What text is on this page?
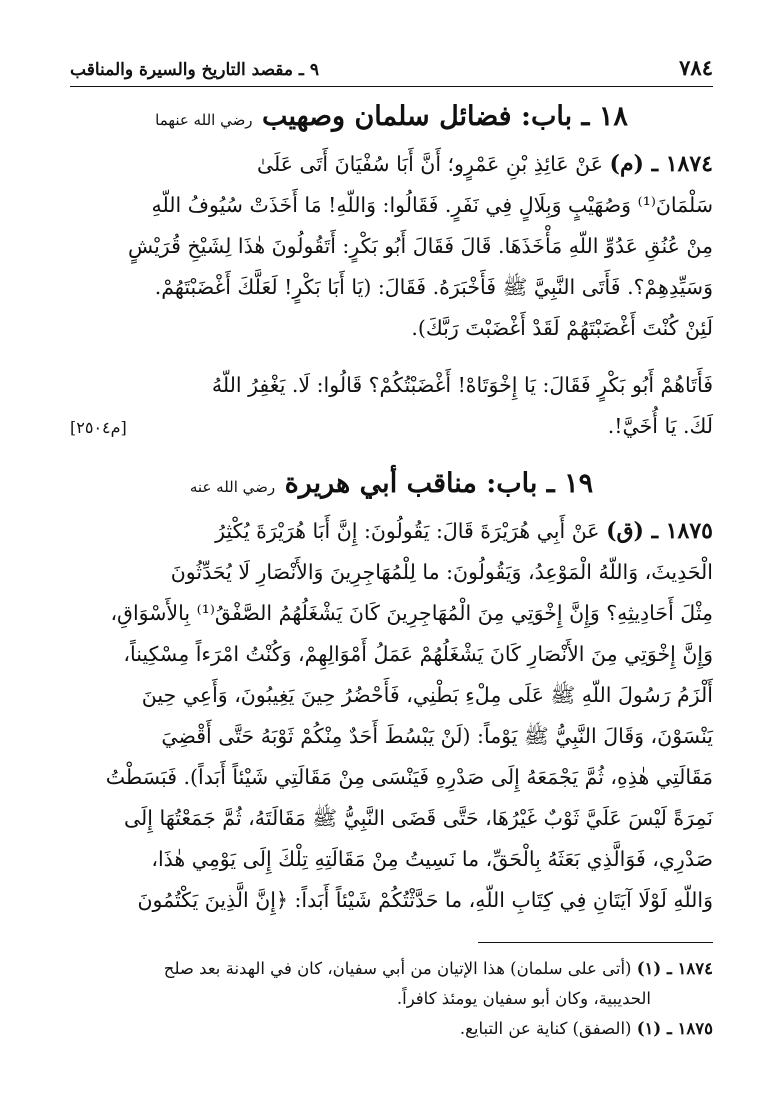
٧٨٤
٩ ـ مقصد التاريخ والسيرة والمناقب
١٨ ـ باب: فضائل سلمان وصهيب رضي الله عنهما

١٨٧٤ ـ (م) عَنْ عَائِذِ بْنِ عَمْرٍو؛ أَنَّ أَبَا سُفْيَانَ أَتَى عَلَىٰ

سَلْمَانَ⁽¹⁾ وَصُهَيْبٍ وَبِلَالٍ فِي نَفَرٍ. فَقَالُوا: وَاللّهِ! مَا أَخَذَتْ سُيُوفُ اللّهِ

مِنْ عُنُقِ عَدُوِّ اللّهِ مَأْخَذَهَا. قَالَ فَقَالَ أَبُو بَكْرٍ: أَتَقُولُونَ هٰذَا لِشَيْخِ قُرَيْشٍ

وَسَيِّدِهِمْ؟. فَأَتَى النَّبِيَّ ﷺ فَأَخْبَرَهُ. فَقَالَ: (يَا أَبَا بَكْرٍ! لَعَلَّكَ أَغْضَبْتَهُمْ.

لَئِنْ كُنْتَ أَغْضَبْتَهُمْ لَقَدْ أَغْضَبْتَ رَبَّكَ).

فَأَتَاهُمْ أَبُو بَكْرٍ فَقَالَ: يَا إِخْوَتَاهْ! أَغْضَبْتُكُمْ؟ قَالُوا: لَا. يَغْفِرُ اللّهُ

لَكَ. يَا أُخَيَّ!.
[م٢٥٠٤]
١٩ ـ باب: مناقب أبي هريرة رضي الله عنه

١٨٧٥ ـ (ق) عَنْ أَبِي هُرَيْرَةَ قَالَ: يَقُولُونَ: إِنَّ أَبَا هُرَيْرَةَ يُكْثِرُ

الْحَدِيثَ، وَاللّهُ الْمَوْعِدُ، وَيَقُولُونَ: ما لِلْمُهَاجِرِينَ وَالأَنْصَارِ لَا يُحَدِّثُونَ

مِثْلَ أَحَادِيثِهِ؟ وَإِنَّ إِخْوَتِي مِنَ الْمُهَاجِرِينَ كَانَ يَشْغَلُهُمُ الصَّفْقُ⁽¹⁾ بِالأَسْوَاقِ،

وَإِنَّ إِخْوَتِي مِنَ الأَنْصَارِ كَانَ يَشْغَلُهُمْ عَمَلُ أَمْوَالِهِمْ، وَكُنْتُ امْرَءاً مِسْكِيناً،

أَلْزَمُ رَسُولَ اللّهِ ﷺ عَلَى مِلْءِ بَطْنِي، فَأَحْضُرُ حِينَ يَغِيبُونَ، وَأَعِي حِينَ

يَنْسَوْنَ، وَقَالَ النَّبِيُّ ﷺ يَوْماً: (لَنْ يَبْسُطَ أَحَدٌ مِنْكُمْ ثَوْبَهُ حَتَّى أَقْضِيَ

مَقَالَتِي هٰذِهِ، ثُمَّ يَجْمَعَهُ إِلَى صَدْرِهِ فَيَنْسَى مِنْ مَقَالَتِي شَيْئاً أَبَداً). فَبَسَطْتُ

نَمِرَةً لَيْسَ عَلَيَّ ثَوْبٌ غَيْرُهَا، حَتَّى قَضَى النَّبِيُّ ﷺ مَقَالَتَهُ، ثُمَّ جَمَعْتُهَا إِلَى

صَدْرِي، فَوَالَّذِي بَعَثَهُ بِالْحَقِّ، ما نَسِيتُ مِنْ مَقَالَتِهِ تِلْكَ إِلَى يَوْمِي هٰذَا،

وَاللّهِ لَوْلَا آيَتَانِ فِي كِتَابِ اللّهِ، ما حَدَّثْتُكُمْ شَيْئاً أَبَداً: ﴿إِنَّ الَّذِينَ يَكْتُمُونَ

١٨٧٤ ـ (١) (أتى على سلمان) هذا الإتيان من أبي سفيان، كان في الهدنة بعد صلح
الحديبية، وكان أبو سفيان يومئذ كافراً.

١٨٧٥ ـ (١) (الصفق) كناية عن التبايع.
